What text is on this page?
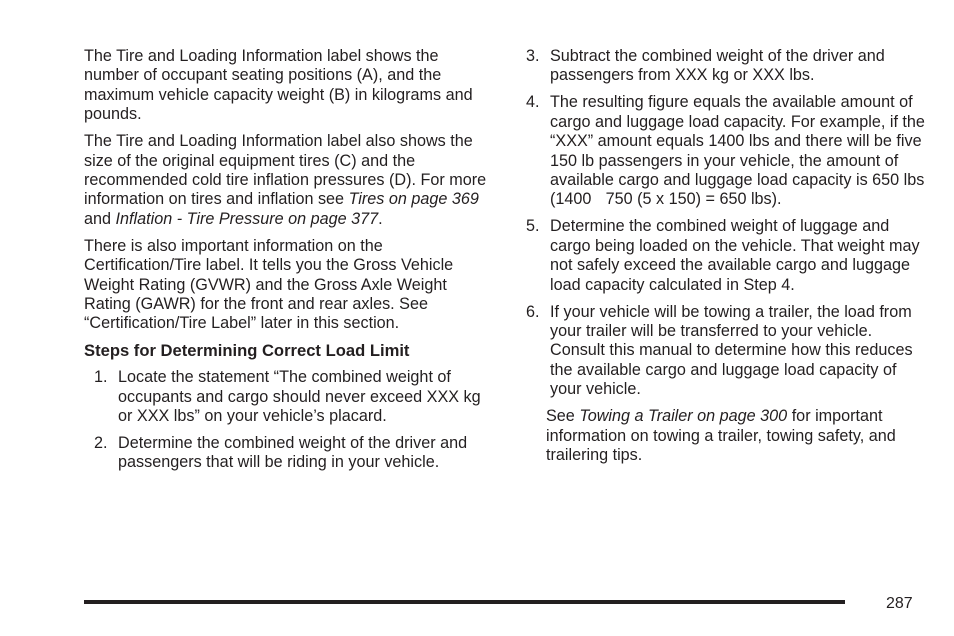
The Tire and Loading Information label shows the number of occupant seating positions (A), and the maximum vehicle capacity weight (B) in kilograms and pounds.

The Tire and Loading Information label also shows the size of the original equipment tires (C) and the recommended cold tire inflation pressures (D). For more information on tires and inflation see Tires on page 369 and Inflation - Tire Pressure on page 377.

There is also important information on the Certification/Tire label. It tells you the Gross Vehicle Weight Rating (GVWR) and the Gross Axle Weight Rating (GAWR) for the front and rear axles. See “Certification/Tire Label” later in this section.

Steps for Determining Correct Load Limit

1. Locate the statement “The combined weight of occupants and cargo should never exceed XXX kg or XXX lbs” on your vehicle’s placard.
2. Determine the combined weight of the driver and passengers that will be riding in your vehicle.
3. Subtract the combined weight of the driver and passengers from XXX kg or XXX lbs.
4. The resulting figure equals the available amount of cargo and luggage load capacity. For example, if the “XXX” amount equals 1400 lbs and there will be five 150 lb passengers in your vehicle, the amount of available cargo and luggage load capacity is 650 lbs (1400    750 (5 x 150) = 650 lbs).
5. Determine the combined weight of luggage and cargo being loaded on the vehicle. That weight may not safely exceed the available cargo and luggage load capacity calculated in Step 4.
6. If your vehicle will be towing a trailer, the load from your trailer will be transferred to your vehicle. Consult this manual to determine how this reduces the available cargo and luggage load capacity of your vehicle.

See Towing a Trailer on page 300 for important information on towing a trailer, towing safety, and trailering tips.

287
